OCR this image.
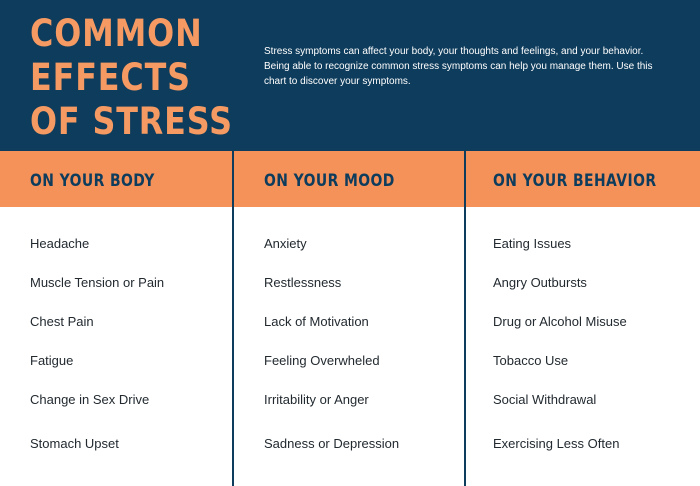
COMMON
EFFECTS
OF STRESS

Stress symptoms can affect your body, your thoughts and feelings, and your behavior. Being able to recognize common stress symptoms can help you manage them. Use this chart to discover your symptoms.

ON YOUR BODY	ON YOUR MOOD	ON YOUR BEHAVIOR
Headache
Muscle Tension or Pain
Chest Pain
Fatigue
Change in Sex Drive
Stomach Upset
Anxiety
Restlessness
Lack of Motivation
Feeling Overwheled
Irritability or Anger
Sadness or Depression
Eating Issues
Angry Outbursts
Drug or Alcohol Misuse
Tobacco Use
Social Withdrawal
Exercising Less Often
